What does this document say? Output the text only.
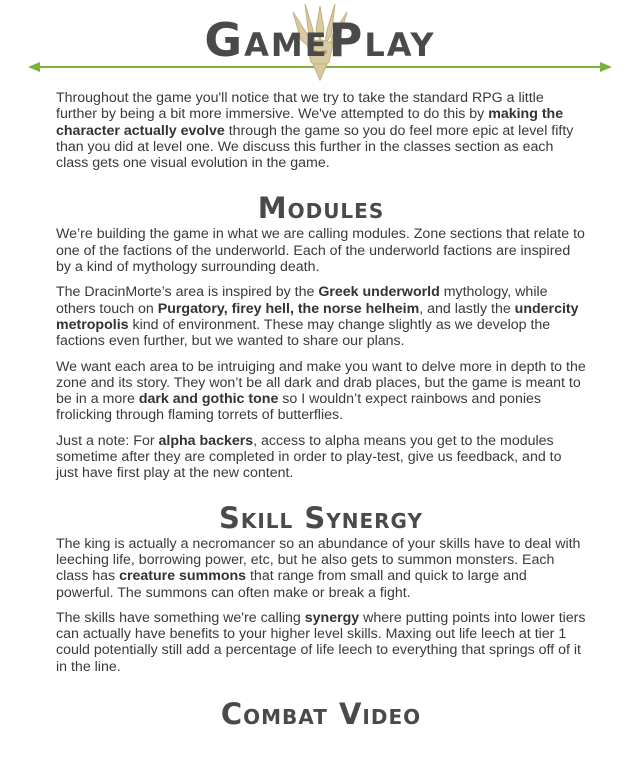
GamePlay

Throughout the game you'll notice that we try to take the standard RPG a little further by being a bit more immersive. We've attempted to do this by making the character actually evolve through the game so you do feel more epic at level fifty than you did at level one. We discuss this further in the classes section as each class gets one visual evolution in the game.

Modules

We’re building the game in what we are calling modules. Zone sections that relate to one of the factions of the underworld. Each of the underworld factions are inspired by a kind of mythology surrounding death.

The DracinMorte’s area is inspired by the Greek underworld mythology, while others touch on Purgatory, firey hell, the norse helheim, and lastly the undercity metropolis kind of environment. These may change slightly as we develop the factions even further, but we wanted to share our plans.

We want each area to be intruiging and make you want to delve more in depth to the zone and its story. They won’t be all dark and drab places, but the game is meant to be in a more dark and gothic tone so I wouldn’t expect rainbows and ponies frolicking through flaming torrets of butterflies.

Just a note: For alpha backers, access to alpha means you get to the modules sometime after they are completed in order to play-test, give us feedback, and to just have first play at the new content.

Skill Synergy

The king is actually a necromancer so an abundance of your skills have to deal with leeching life, borrowing power, etc, but he also gets to summon monsters. Each class has creature summons that range from small and quick to large and powerful. The summons can often make or break a fight.

The skills have something we're calling synergy where putting points into lower tiers can actually have benefits to your higher level skills. Maxing out life leech at tier 1 could potentially still add a percentage of life leech to everything that springs off of it in the line.

Combat Video
